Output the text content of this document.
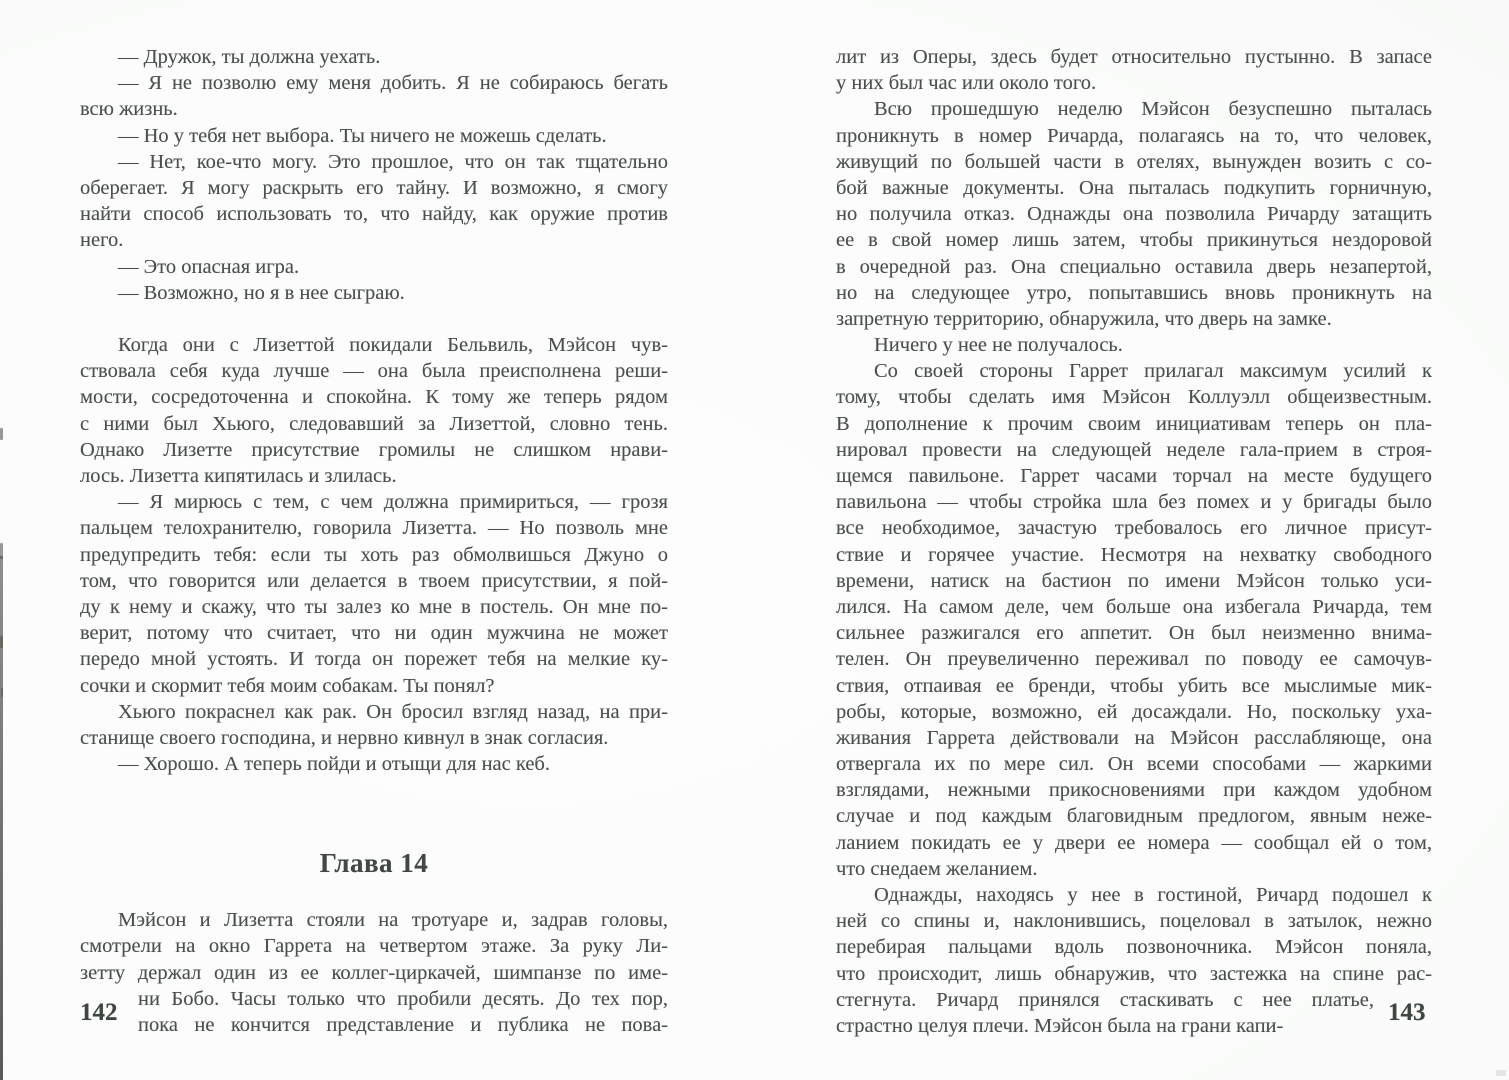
— Дружок, ты должна уехать.
— Я не позволю ему меня добить. Я не собираюсь бегать
всю жизнь.
— Но у тебя нет выбора. Ты ничего не можешь сделать.
— Нет, кое-что могу. Это прошлое, что он так тщательно
оберегает. Я могу раскрыть его тайну. И возможно, я смогу
найти способ использовать то, что найду, как оружие против
него.
— Это опасная игра.
— Возможно, но я в нее сыграю.
Когда они с Лизеттой покидали Бельвиль, Мэйсон чув-
ствовала себя куда лучше — она была преисполнена реши-
мости, сосредоточенна и спокойна. К тому же теперь рядом
с ними был Хьюго, следовавший за Лизеттой, словно тень.
Однако Лизетте присутствие громилы не слишком нрави-
лось. Лизетта кипятилась и злилась.
— Я мирюсь с тем, с чем должна примириться, — грозя
пальцем телохранителю, говорила Лизетта. — Но позволь мне
предупредить тебя: если ты хоть раз обмолвишься Джуно о
том, что говорится или делается в твоем присутствии, я пой-
ду к нему и скажу, что ты залез ко мне в постель. Он мне по-
верит, потому что считает, что ни один мужчина не может
передо мной устоять. И тогда он порежет тебя на мелкие ку-
сочки и скормит тебя моим собакам. Ты понял?
Хьюго покраснел как рак. Он бросил взгляд назад, на при-
станище своего господина, и нервно кивнул в знак согласия.
— Хорошо. А теперь пойди и отыщи для нас кеб.
Глава 14
Мэйсон и Лизетта стояли на тротуаре и, задрав головы,
смотрели на окно Гаррета на четвертом этаже. За руку Ли-
зетту держал один из ее коллег-циркачей, шимпанзе по име-
ни Бобо. Часы только что пробили десять. До тех пор,
пока не кончится представление и публика не пова-
лит из Оперы, здесь будет относительно пустынно. В запасе
у них был час или около того.
Всю прошедшую неделю Мэйсон безуспешно пыталась
проникнуть в номер Ричарда, полагаясь на то, что человек,
живущий по большей части в отелях, вынужден возить с со-
бой важные документы. Она пыталась подкупить горничную,
но получила отказ. Однажды она позволила Ричарду затащить
ее в свой номер лишь затем, чтобы прикинуться нездоровой
в очередной раз. Она специально оставила дверь незапертой,
но на следующее утро, попытавшись вновь проникнуть на
запретную территорию, обнаружила, что дверь на замке.
Ничего у нее не получалось.
Со своей стороны Гаррет прилагал максимум усилий к
тому, чтобы сделать имя Мэйсон Коллуэлл общеизвестным.
В дополнение к прочим своим инициативам теперь он пла-
нировал провести на следующей неделе гала-прием в строя-
щемся павильоне. Гаррет часами торчал на месте будущего
павильона — чтобы стройка шла без помех и у бригады было
все необходимое, зачастую требовалось его личное присут-
ствие и горячее участие. Несмотря на нехватку свободного
времени, натиск на бастион по имени Мэйсон только уси-
лился. На самом деле, чем больше она избегала Ричарда, тем
сильнее разжигался его аппетит. Он был неизменно внима-
телен. Он преувеличенно переживал по поводу ее самочув-
ствия, отпаивая ее бренди, чтобы убить все мыслимые мик-
робы, которые, возможно, ей досаждали. Но, поскольку уха-
живания Гаррета действовали на Мэйсон расслабляюще, она
отвергала их по мере сил. Он всеми способами — жаркими
взглядами, нежными прикосновениями при каждом удобном
случае и под каждым благовидным предлогом, явным неже-
ланием покидать ее у двери ее номера — сообщал ей о том,
что снедаем желанием.
Однажды, находясь у нее в гостиной, Ричард подошел к
ней со спины и, наклонившись, поцеловал в затылок, нежно
перебирая пальцами вдоль позвоночника. Мэйсон поняла,
что происходит, лишь обнаружив, что застежка на спине рас-
стегнута. Ричард принялся стаскивать с нее платье,
страстно целуя плечи. Мэйсон была на грани капи-
142	143
